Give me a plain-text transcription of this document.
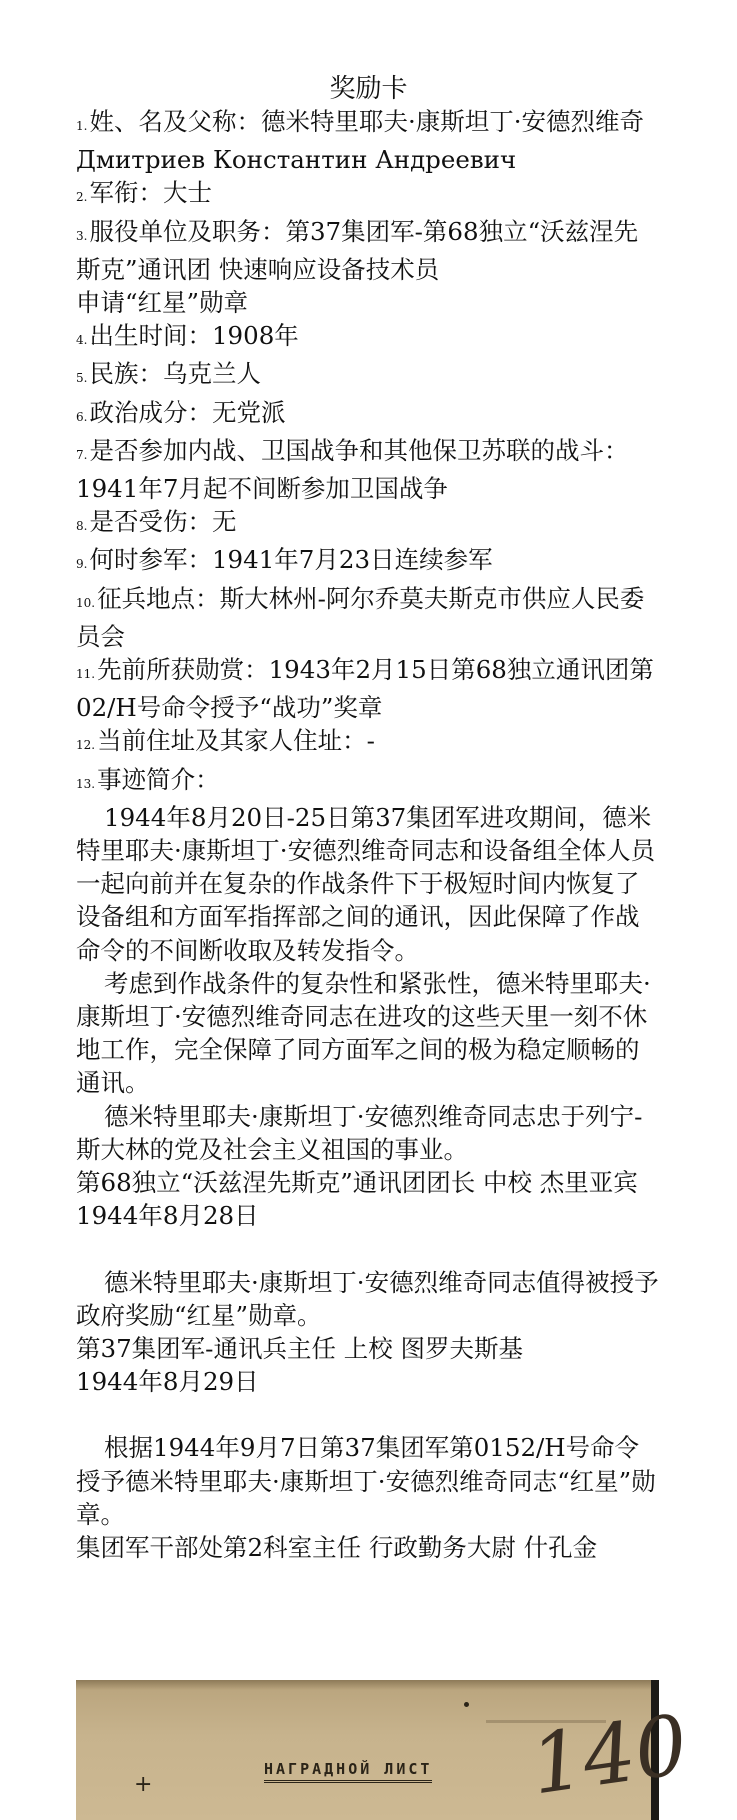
奖励卡

1.姓、名及父称：德米特里耶夫·康斯坦丁·安德烈维奇

Дмитриев Константин Андреевич

2.军衔：大士

3.服役单位及职务：第37集团军-第68独立“沃兹涅先斯克”通讯团 快速响应设备技术员

申请“红星”勋章

4.出生时间：1908年

5.民族：乌克兰人

6.政治成分：无党派

7.是否参加内战、卫国战争和其他保卫苏联的战斗：1941年7月起不间断参加卫国战争

8.是否受伤：无

9.何时参军：1941年7月23日连续参军

10.征兵地点：斯大林州-阿尔乔莫夫斯克市供应人民委员会

11.先前所获勋赏：1943年2月15日第68独立通讯团第02/H号命令授予“战功”奖章

12.当前住址及其家人住址：-

13.事迹简介：

1944年8月20日-25日第37集团军进攻期间，德米特里耶夫·康斯坦丁·安德烈维奇同志和设备组全体人员一起向前并在复杂的作战条件下于极短时间内恢复了设备组和方面军指挥部之间的通讯，因此保障了作战命令的不间断收取及转发指令。

考虑到作战条件的复杂性和紧张性，德米特里耶夫·康斯坦丁·安德烈维奇同志在进攻的这些天里一刻不休地工作，完全保障了同方面军之间的极为稳定顺畅的通讯。

德米特里耶夫·康斯坦丁·安德烈维奇同志忠于列宁-斯大林的党及社会主义祖国的事业。

第68独立“沃兹涅先斯克”通讯团团长 中校 杰里亚宾

1944年8月28日

德米特里耶夫·康斯坦丁·安德烈维奇同志值得被授予政府奖励“红星”勋章。

第37集团军-通讯兵主任 上校 图罗夫斯基

1944年8月29日

根据1944年9月7日第37集团军第0152/H号命令授予德米特里耶夫·康斯坦丁·安德烈维奇同志“红星”勋章。

集团军干部处第2科室主任 行政勤务大尉 什孔金

+
НАГРАДНОЙ ЛИСТ 140
